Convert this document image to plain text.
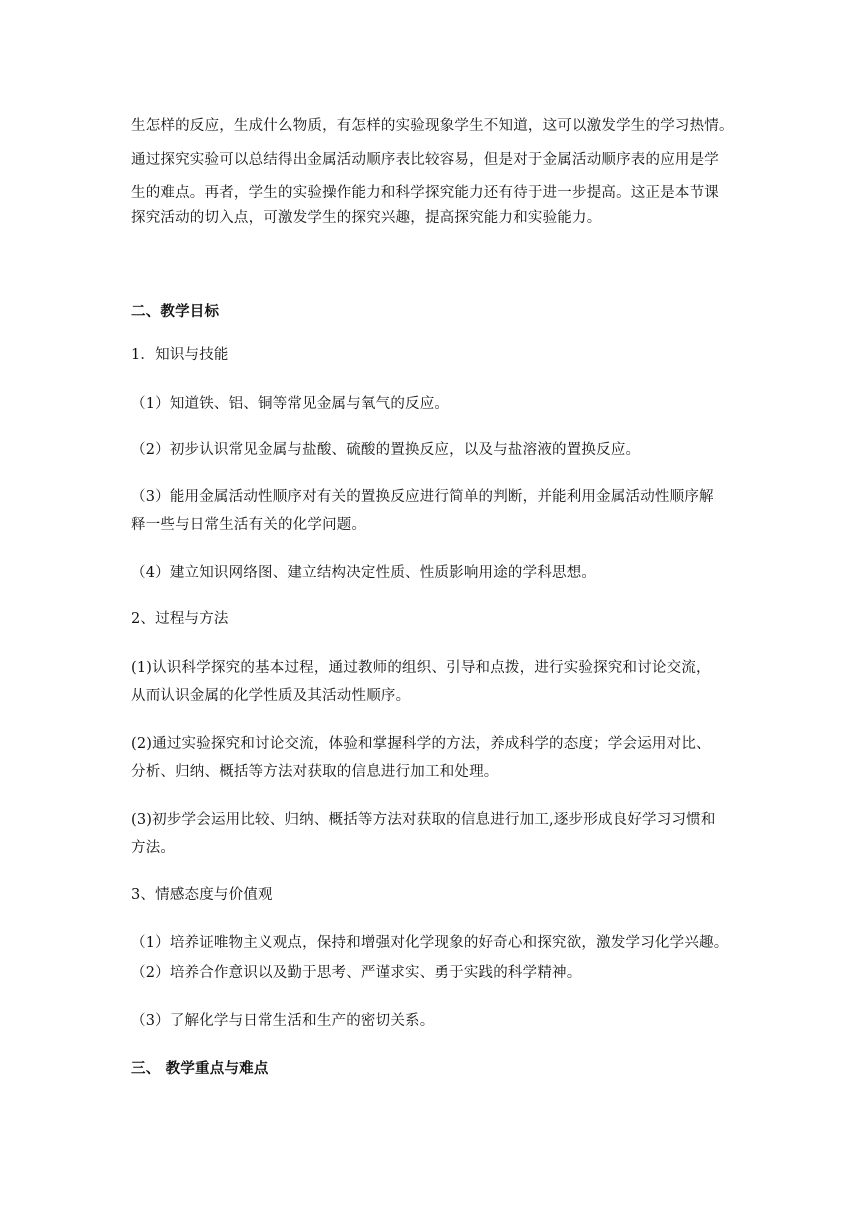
生怎样的反应，生成什么物质，有怎样的实验现象学生不知道，这可以激发学生的学习热情。
通过探究实验可以总结得出金属活动顺序表比较容易，但是对于金属活动顺序表的应用是学
生的难点。再者，学生的实验操作能力和科学探究能力还有待于进一步提高。这正是本节课
探究活动的切入点，可激发学生的探究兴趣，提高探究能力和实验能力。
二、教学目标
1．知识与技能
（1）知道铁、铝、铜等常见金属与氧气的反应。
（2）初步认识常见金属与盐酸、硫酸的置换反应，以及与盐溶液的置换反应。
（3）能用金属活动性顺序对有关的置换反应进行简单的判断，并能利用金属活动性顺序解
释一些与日常生活有关的化学问题。
（4）建立知识网络图、建立结构决定性质、性质影响用途的学科思想。
2、过程与方法
(1)认识科学探究的基本过程，通过教师的组织、引导和点拨，进行实验探究和讨论交流，
从而认识金属的化学性质及其活动性顺序。
(2)通过实验探究和讨论交流，体验和掌握科学的方法，养成科学的态度；学会运用对比、
分析、归纳、概括等方法对获取的信息进行加工和处理。
(3)初步学会运用比较、归纳、概括等方法对获取的信息进行加工,逐步形成良好学习习惯和
方法。
3、情感态度与价值观
（1）培养证唯物主义观点，保持和增强对化学现象的好奇心和探究欲，激发学习化学兴趣。
（2）培养合作意识以及勤于思考、严谨求实、勇于实践的科学精神。
（3）了解化学与日常生活和生产的密切关系。
三、 教学重点与难点
